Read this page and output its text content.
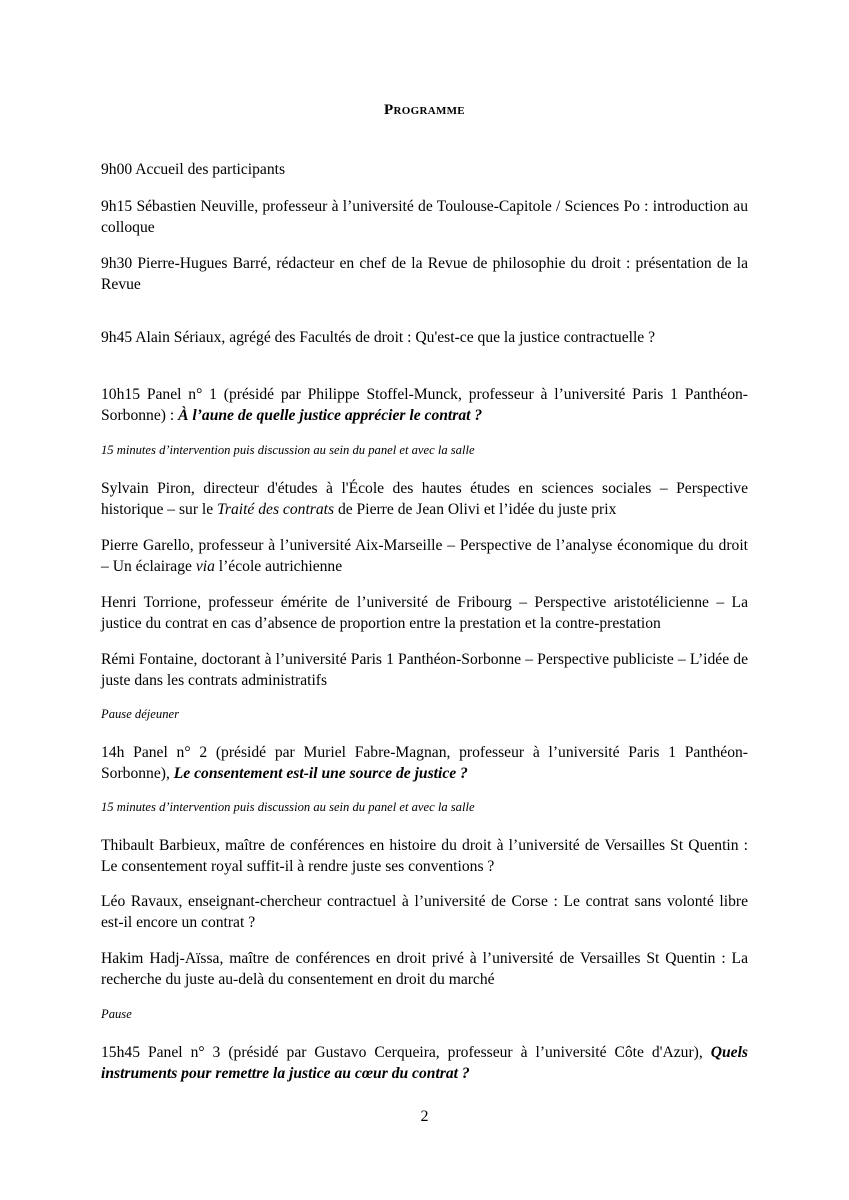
Programme

9h00 Accueil des participants

9h15 Sébastien Neuville, professeur à l’université de Toulouse-Capitole / Sciences Po : introduction au colloque

9h30 Pierre-Hugues Barré, rédacteur en chef de la Revue de philosophie du droit : présentation de la Revue

9h45 Alain Sériaux, agrégé des Facultés de droit : Qu'est-ce que la justice contractuelle ?

10h15 Panel n° 1 (présidé par Philippe Stoffel-Munck, professeur à l’université Paris 1 Panthéon-Sorbonne) : À l’aune de quelle justice apprécier le contrat ?

15 minutes d’intervention puis discussion au sein du panel et avec la salle

Sylvain Piron, directeur d'études à l'École des hautes études en sciences sociales – Perspective historique – sur le Traité des contrats de Pierre de Jean Olivi et l’idée du juste prix

Pierre Garello, professeur à l’université Aix-Marseille – Perspective de l’analyse économique du droit – Un éclairage via l’école autrichienne

Henri Torrione, professeur émérite de l’université de Fribourg – Perspective aristotélicienne – La justice du contrat en cas d’absence de proportion entre la prestation et la contre-prestation

Rémi Fontaine, doctorant à l’université Paris 1 Panthéon-Sorbonne – Perspective publiciste – L’idée de juste dans les contrats administratifs

Pause déjeuner

14h Panel n° 2 (présidé par Muriel Fabre-Magnan, professeur à l’université Paris 1 Panthéon-Sorbonne), Le consentement est-il une source de justice ?

15 minutes d’intervention puis discussion au sein du panel et avec la salle

Thibault Barbieux, maître de conférences en histoire du droit à l’université de Versailles St Quentin : Le consentement royal suffit-il à rendre juste ses conventions ?

Léo Ravaux, enseignant-chercheur contractuel à l’université de Corse : Le contrat sans volonté libre est-il encore un contrat ?

Hakim Hadj-Aïssa, maître de conférences en droit privé à l’université de Versailles St Quentin : La recherche du juste au-delà du consentement en droit du marché

Pause

15h45 Panel n° 3 (présidé par Gustavo Cerqueira, professeur à l’université Côte d'Azur), Quels instruments pour remettre la justice au cœur du contrat ?

2
